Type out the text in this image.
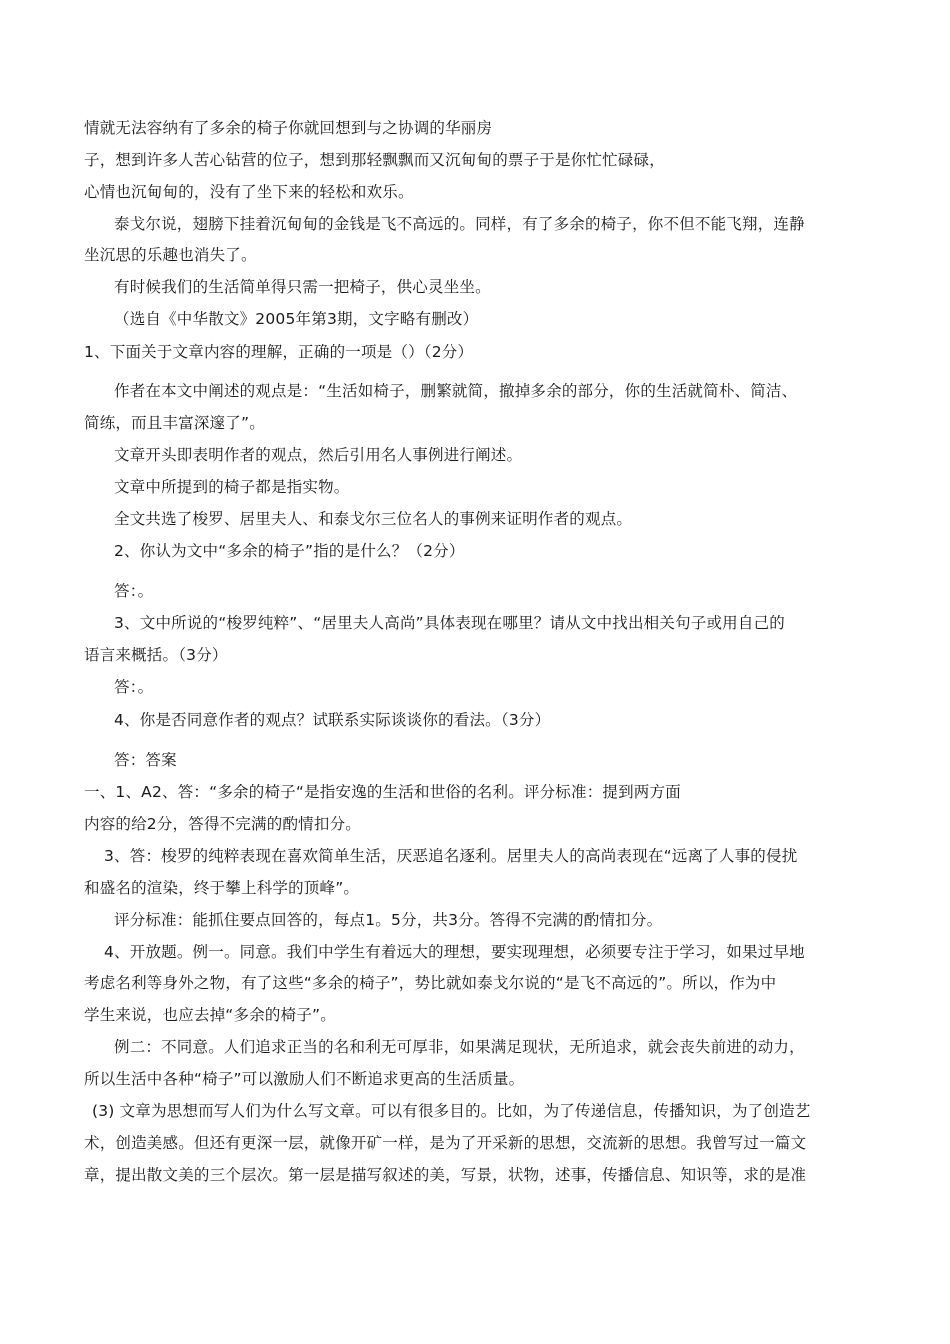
情就无法容纳有了多余的椅子你就回想到与之协调的华丽房
子，想到许多人苦心钻营的位子，想到那轻飘飘而又沉甸甸的票子于是你忙忙碌碌，
心情也沉甸甸的，没有了坐下来的轻松和欢乐。
泰戈尔说，翅膀下挂着沉甸甸的金钱是飞不高远的。同样，有了多余的椅子，你不但不能飞翔，连静
坐沉思的乐趣也消失了。
有时候我们的生活简单得只需一把椅子，供心灵坐坐。
（选自《中华散文》2005年第3期，文字略有删改）
1、下面关于文章内容的理解，正确的一项是（）（2分）
作者在本文中阐述的观点是：“生活如椅子，删繁就简，撤掉多余的部分，你的生活就简朴、简洁、
简练，而且丰富深邃了”。
文章开头即表明作者的观点，然后引用名人事例进行阐述。
文章中所提到的椅子都是指实物。
全文共选了梭罗、居里夫人、和泰戈尔三位名人的事例来证明作者的观点。
2、你认为文中“多余的椅子”指的是什么？（2分）
答：。
3、文中所说的“梭罗纯粹”、“居里夫人高尚”具体表现在哪里？请从文中找出相关句子或用自己的
语言来概括。（3分）
答：。
4、你是否同意作者的观点？试联系实际谈谈你的看法。（3分）
答：答案
一、1、A2、答：“多余的椅子“是指安逸的生活和世俗的名利。评分标准：提到两方面
内容的给2分，答得不完满的酌情扣分。
3、答：梭罗的纯粹表现在喜欢简单生活，厌恶追名逐利。居里夫人的高尚表现在“远离了人事的侵扰
和盛名的渲染，终于攀上科学的顶峰”。
评分标准：能抓住要点回答的，每点1。5分，共3分。答得不完满的酌情扣分。
4、开放题。例一。同意。我们中学生有着远大的理想，要实现理想，必须要专注于学习，如果过早地
考虑名利等身外之物，有了这些“多余的椅子”，势比就如泰戈尔说的“是飞不高远的”。所以，作为中
学生来说，也应去掉“多余的椅子”。
例二：不同意。人们追求正当的名和利无可厚非，如果满足现状，无所追求，就会丧失前进的动力，
所以生活中各种“椅子”可以激励人们不断追求更高的生活质量。
(3) 文章为思想而写人们为什么写文章。可以有很多目的。比如，为了传递信息，传播知识，为了创造艺
术，创造美感。但还有更深一层，就像开矿一样，是为了开采新的思想，交流新的思想。我曾写过一篇文
章，提出散文美的三个层次。第一层是描写叙述的美，写景，状物，述事，传播信息、知识等，求的是准
